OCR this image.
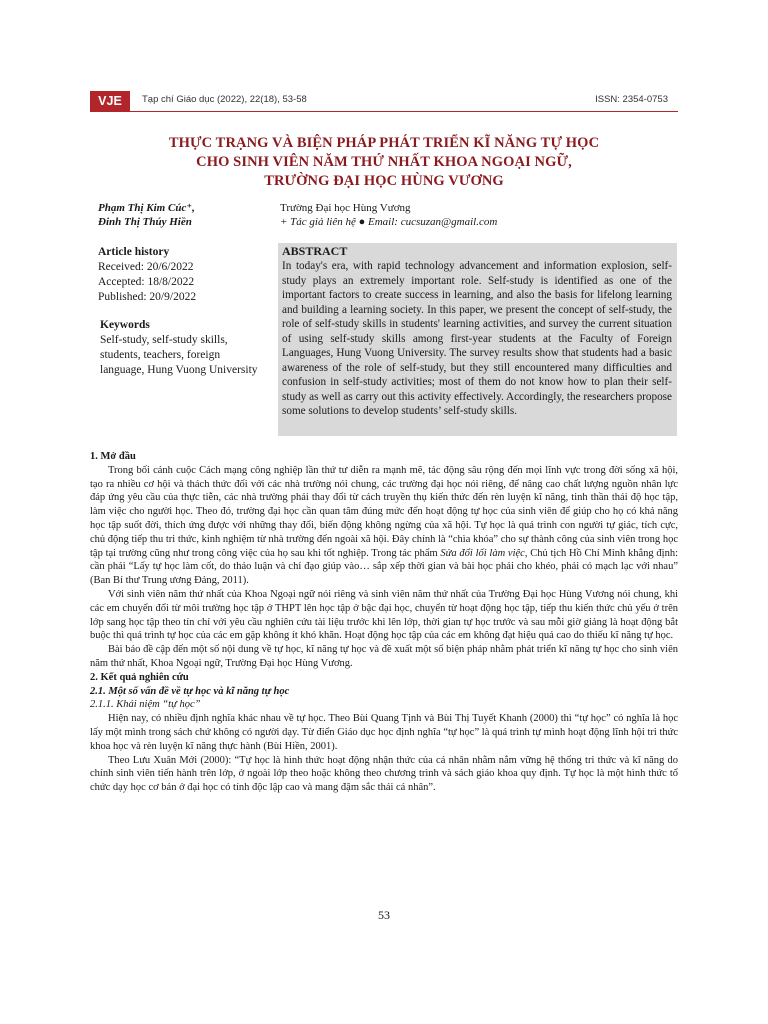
VJE	Tạp chí Giáo dục (2022), 22(18), 53-58	ISSN: 2354-0753
THỰC TRẠNG VÀ BIỆN PHÁP PHÁT TRIỂN KĨ NĂNG TỰ HỌC
CHO SINH VIÊN NĂM THỨ NHẤT KHOA NGOẠI NGỮ,
TRƯỜNG ĐẠI HỌC HÙNG VƯƠNG
Phạm Thị Kim Cúc⁺,
Đinh Thị Thúy Hiền
Trường Đại học Hùng Vương
+ Tác giả liên hệ ● Email: cucsuzan@gmail.com
Article history
Received: 20/6/2022
Accepted: 18/8/2022
Published: 20/9/2022
Keywords
Self-study, self-study skills, students, teachers, foreign language, Hung Vuong University
ABSTRACT
In today's era, with rapid technology advancement and information explosion, self-study plays an extremely important role. Self-study is identified as one of the important factors to create success in learning, and also the basis for lifelong learning and building a learning society. In this paper, we present the concept of self-study, the role of self-study skills in students' learning activities, and survey the current situation of using self-study skills among first-year students at the Faculty of Foreign Languages, Hung Vuong University. The survey results show that students had a basic awareness of the role of self-study, but they still encountered many difficulties and confusion in self-study activities; most of them do not know how to plan their self-study as well as carry out this activity effectively. Accordingly, the researchers propose some solutions to develop students’ self-study skills.

1. Mở đầu

Trong bối cảnh cuộc Cách mạng công nghiệp lần thứ tư diễn ra mạnh mẽ, tác động sâu rộng đến mọi lĩnh vực trong đời sống xã hội, tạo ra nhiều cơ hội và thách thức đối với các nhà trường nói chung, các trường đại học nói riêng, để nâng cao chất lượng nguồn nhân lực đáp ứng yêu cầu của thực tiễn, các nhà trường phải thay đổi từ cách truyền thụ kiến thức đến rèn luyện kĩ năng, tinh thần thái độ học tập, làm việc cho người học. Theo đó, trường đại học cần quan tâm đúng mức đến hoạt động tự học của sinh viên để giúp cho họ có khả năng học tập suốt đời, thích ứng được với những thay đổi, biến động không ngừng của xã hội. Tự học là quá trình con người tự giác, tích cực, chủ động tiếp thu tri thức, kinh nghiệm từ nhà trường đến ngoài xã hội. Đây chính là “chìa khóa” cho sự thành công của sinh viên trong học tập tại trường cũng như trong công việc của họ sau khi tốt nghiệp. Trong tác phẩm Sửa đổi lối làm việc, Chủ tịch Hồ Chí Minh khẳng định: cần phải “Lấy tự học làm cốt, do thảo luận và chỉ đạo giúp vào… sắp xếp thời gian và bài học phải cho khéo, phải có mạch lạc với nhau” (Ban Bí thư Trung ương Đảng, 2011).

Với sinh viên năm thứ nhất của Khoa Ngoại ngữ nói riêng và sinh viên năm thứ nhất của Trường Đại học Hùng Vương nói chung, khi các em chuyển đổi từ môi trường học tập ở THPT lên học tập ở bậc đại học, chuyển từ hoạt động học tập, tiếp thu kiến thức chủ yếu ở trên lớp sang học tập theo tín chỉ với yêu cầu nghiên cứu tài liệu trước khi lên lớp, thời gian tự học trước và sau mỗi giờ giảng là hoạt động bắt buộc thì quá trình tự học của các em gặp không ít khó khăn. Hoạt động học tập của các em không đạt hiệu quả cao do thiếu kĩ năng tự học.

Bài báo đề cập đến một số nội dung về tự học, kĩ năng tự học và đề xuất một số biện pháp nhằm phát triển kĩ năng tự học cho sinh viên năm thứ nhất, Khoa Ngoại ngữ, Trường Đại học Hùng Vương.

2. Kết quả nghiên cứu

2.1. Một số vấn đề về tự học và kĩ năng tự học

2.1.1. Khái niệm “tự học”

Hiện nay, có nhiều định nghĩa khác nhau về tự học. Theo Bùi Quang Tịnh và Bùi Thị Tuyết Khanh (2000) thì “tự học” có nghĩa là học lấy một mình trong sách chứ không có người dạy. Từ điển Giáo dục học định nghĩa “tự học” là quá trình tự mình hoạt động lĩnh hội tri thức khoa học và rèn luyện kĩ năng thực hành (Bùi Hiền, 2001).

Theo Lưu Xuân Mới (2000): “Tự học là hình thức hoạt động nhận thức của cá nhân nhằm nắm vững hệ thống tri thức và kĩ năng do chính sinh viên tiến hành trên lớp, ở ngoài lớp theo hoặc không theo chương trình và sách giáo khoa quy định. Tự học là một hình thức tổ chức dạy học cơ bản ở đại học có tính độc lập cao và mang đậm sắc thái cá nhân”.

53
